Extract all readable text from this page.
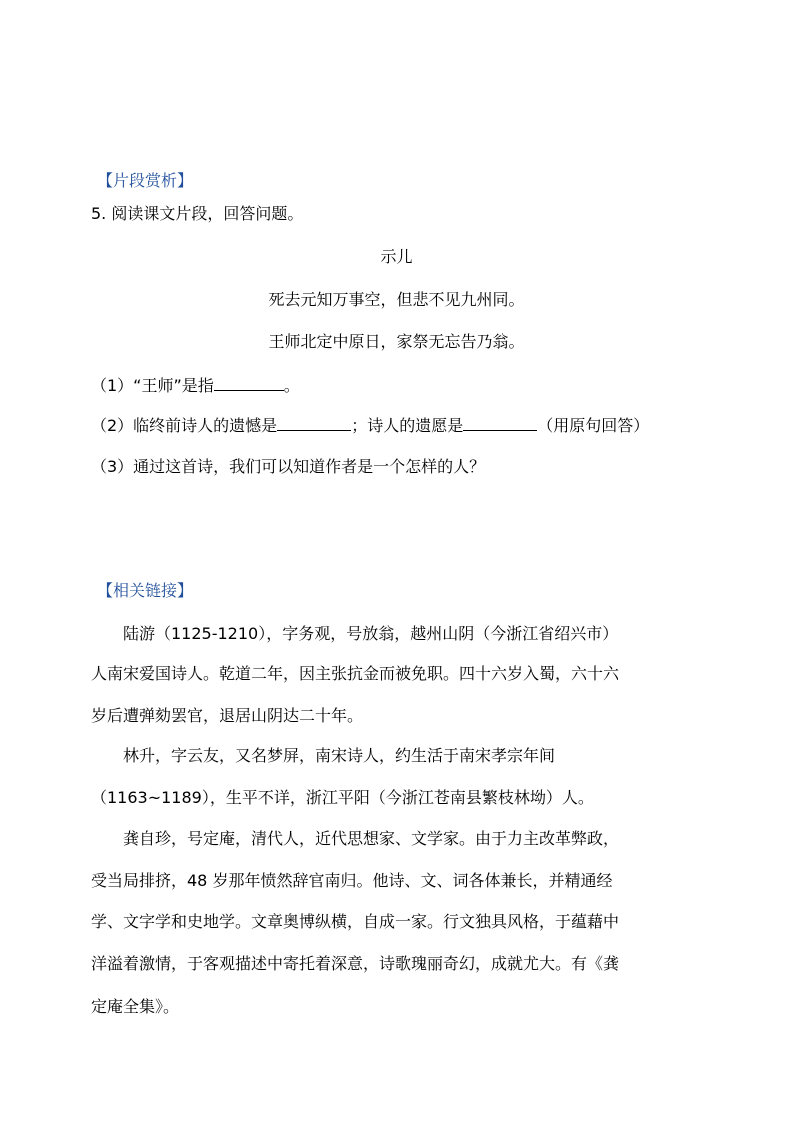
【片段赏析】
5. 阅读课文片段，回答问题。
示儿
死去元知万事空，但悲不见九州同。
王师北定中原日，家祭无忘告乃翁。
（1）“王师”是指	。
（2）临终前诗人的遗憾是	；诗人的遗愿是	（用原句回答）
（3）通过这首诗，我们可以知道作者是一个怎样的人？
【相关链接】
陆游（1125-1210），字务观，号放翁，越州山阴（今浙江省绍兴市）
人南宋爱国诗人。乾道二年，因主张抗金而被免职。四十六岁入蜀，六十六
岁后遭弹劾罢官，退居山阴达二十年。
林升，字云友，又名梦屏，南宋诗人，约生活于南宋孝宗年间
（1163~1189），生平不详，浙江平阳（今浙江苍南县繁枝林坳）人。
龚自珍，号定庵，清代人，近代思想家、文学家。由于力主改革弊政，
受当局排挤，48 岁那年愤然辞官南归。他诗、文、词各体兼长，并精通经
学、文字学和史地学。文章奥博纵横，自成一家。行文独具风格，于蕴藉中
洋溢着激情，于客观描述中寄托着深意，诗歌瑰丽奇幻，成就尤大。有《龚
定庵全集》。
